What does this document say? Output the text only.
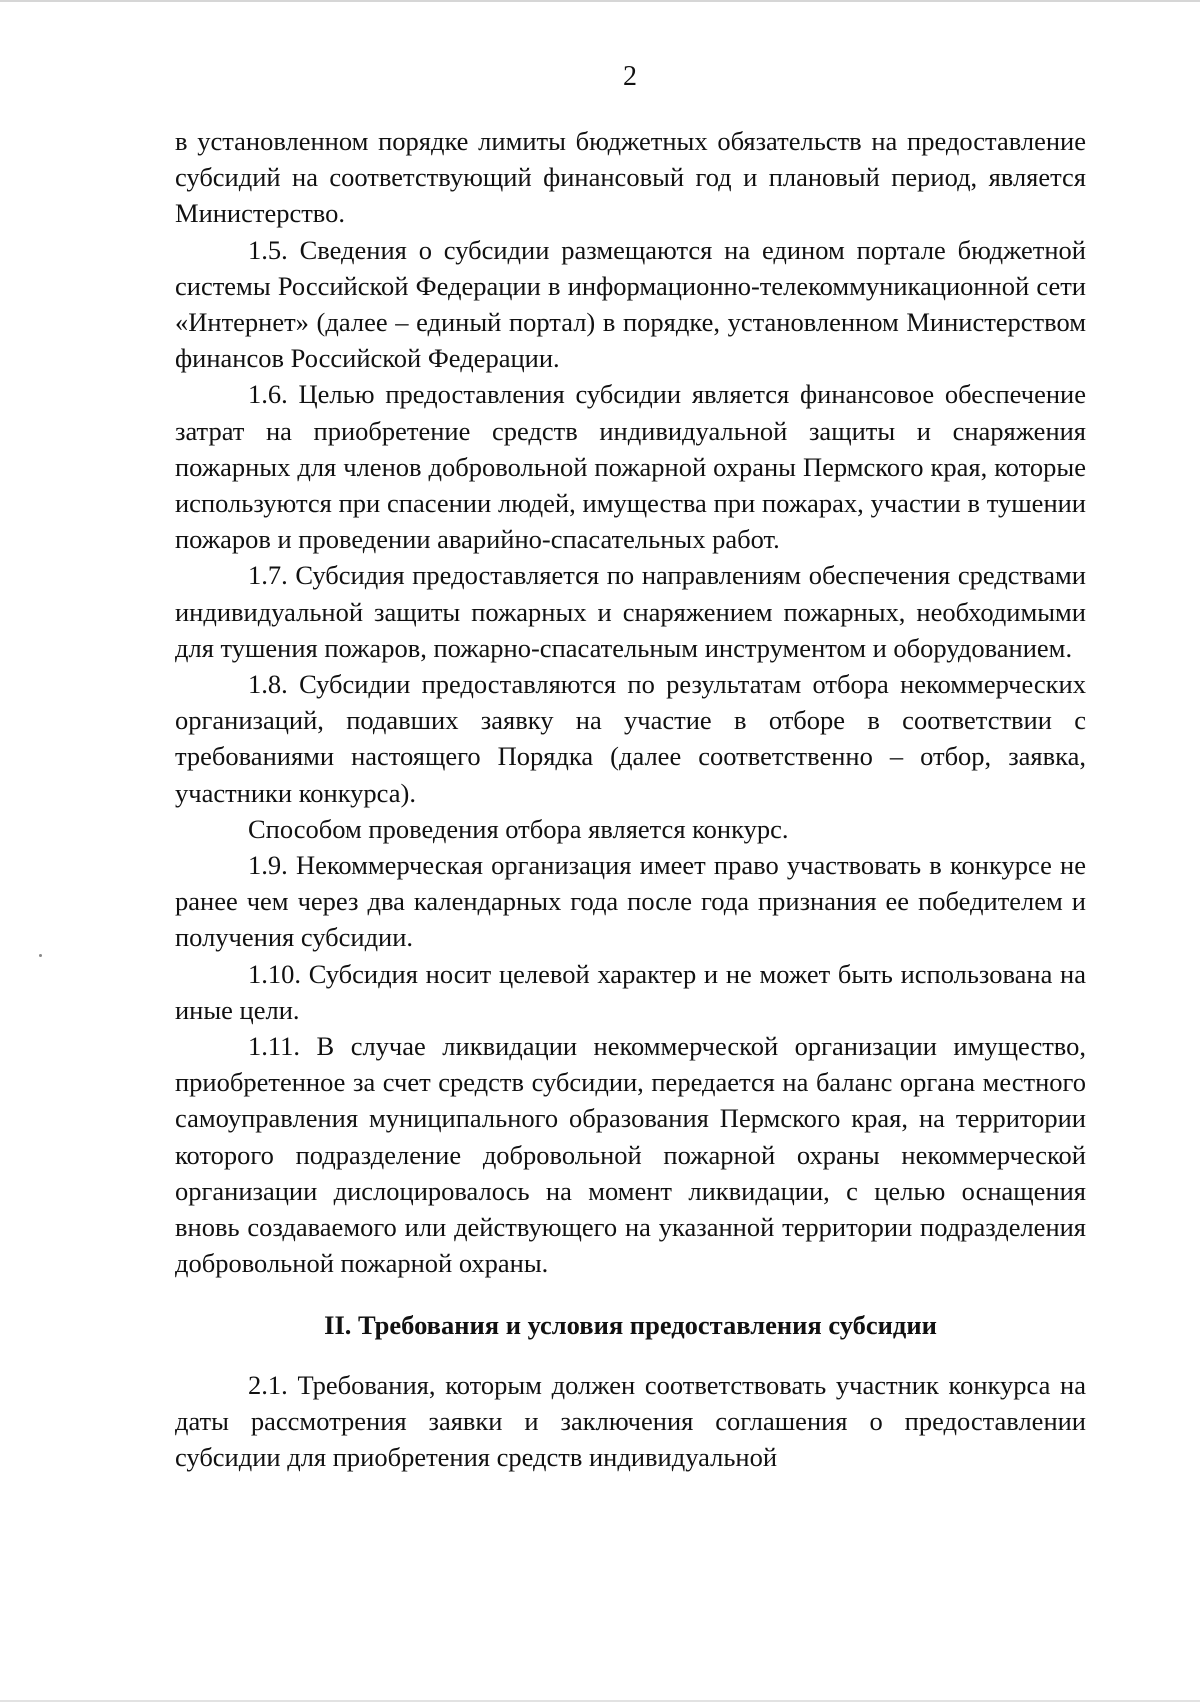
2

в установленном порядке лимиты бюджетных обязательств на предоставление субсидий на соответствующий финансовый год и плановый период, является Министерство.

1.5. Сведения о субсидии размещаются на едином портале бюджетной системы Российской Федерации в информационно-телекоммуникационной сети «Интернет» (далее – единый портал) в порядке, установленном Министерством финансов Российской Федерации.

1.6. Целью предоставления субсидии является финансовое обеспечение затрат на приобретение средств индивидуальной защиты и снаряжения пожарных для членов добровольной пожарной охраны Пермского края, которые используются при спасении людей, имущества при пожарах, участии в тушении пожаров и проведении аварийно-спасательных работ.

1.7. Субсидия предоставляется по направлениям обеспечения средствами индивидуальной защиты пожарных и снаряжением пожарных, необходимыми для тушения пожаров, пожарно-спасательным инструментом и оборудованием.

1.8. Субсидии предоставляются по результатам отбора некоммерческих организаций, подавших заявку на участие в отборе в соответствии с требованиями настоящего Порядка (далее соответственно – отбор, заявка, участники конкурса).

Способом проведения отбора является конкурс.

1.9. Некоммерческая организация имеет право участвовать в конкурсе не ранее чем через два календарных года после года признания ее победителем и получения субсидии.

1.10. Субсидия носит целевой характер и не может быть использована на иные цели.

1.11. В случае ликвидации некоммерческой организации имущество, приобретенное за счет средств субсидии, передается на баланс органа местного самоуправления муниципального образования Пермского края, на территории которого подразделение добровольной пожарной охраны некоммерческой организации дислоцировалось на момент ликвидации, с целью оснащения вновь создаваемого или действующего на указанной территории подразделения добровольной пожарной охраны.

II. Требования и условия предоставления субсидии

2.1. Требования, которым должен соответствовать участник конкурса на даты рассмотрения заявки и заключения соглашения о предоставлении субсидии для приобретения средств индивидуальной
